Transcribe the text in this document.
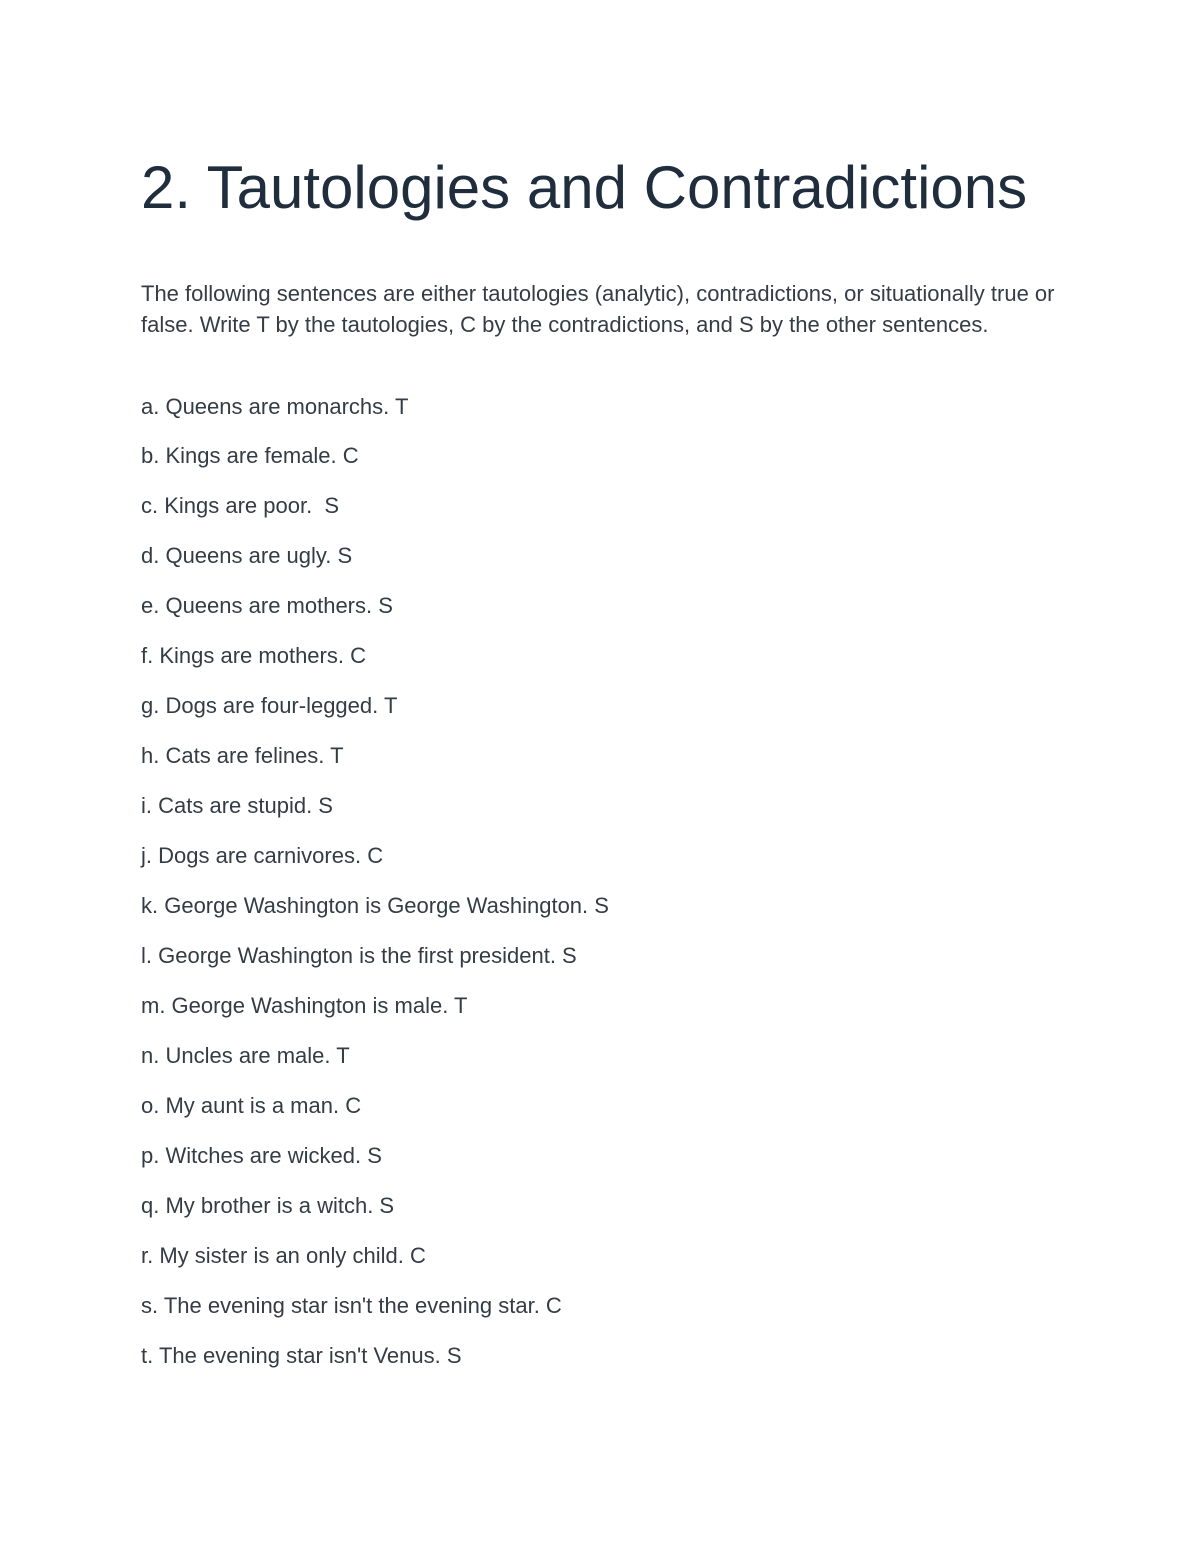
2. Tautologies and Contradictions

The following sentences are either tautologies (analytic), contradictions, or situationally true or false. Write T by the tautologies, C by the contradictions, and S by the other sentences.

a. Queens are monarchs. T

b. Kings are female. C

c. Kings are poor.  S

d. Queens are ugly. S

e. Queens are mothers. S

f. Kings are mothers. C

g. Dogs are four-legged. T

h. Cats are felines. T

i. Cats are stupid. S

j. Dogs are carnivores. C

k. George Washington is George Washington. S

l. George Washington is the first president. S

m. George Washington is male. T

n. Uncles are male. T

o. My aunt is a man. C

p. Witches are wicked. S

q. My brother is a witch. S

r. My sister is an only child. C

s. The evening star isn't the evening star. C

t. The evening star isn't Venus. S
